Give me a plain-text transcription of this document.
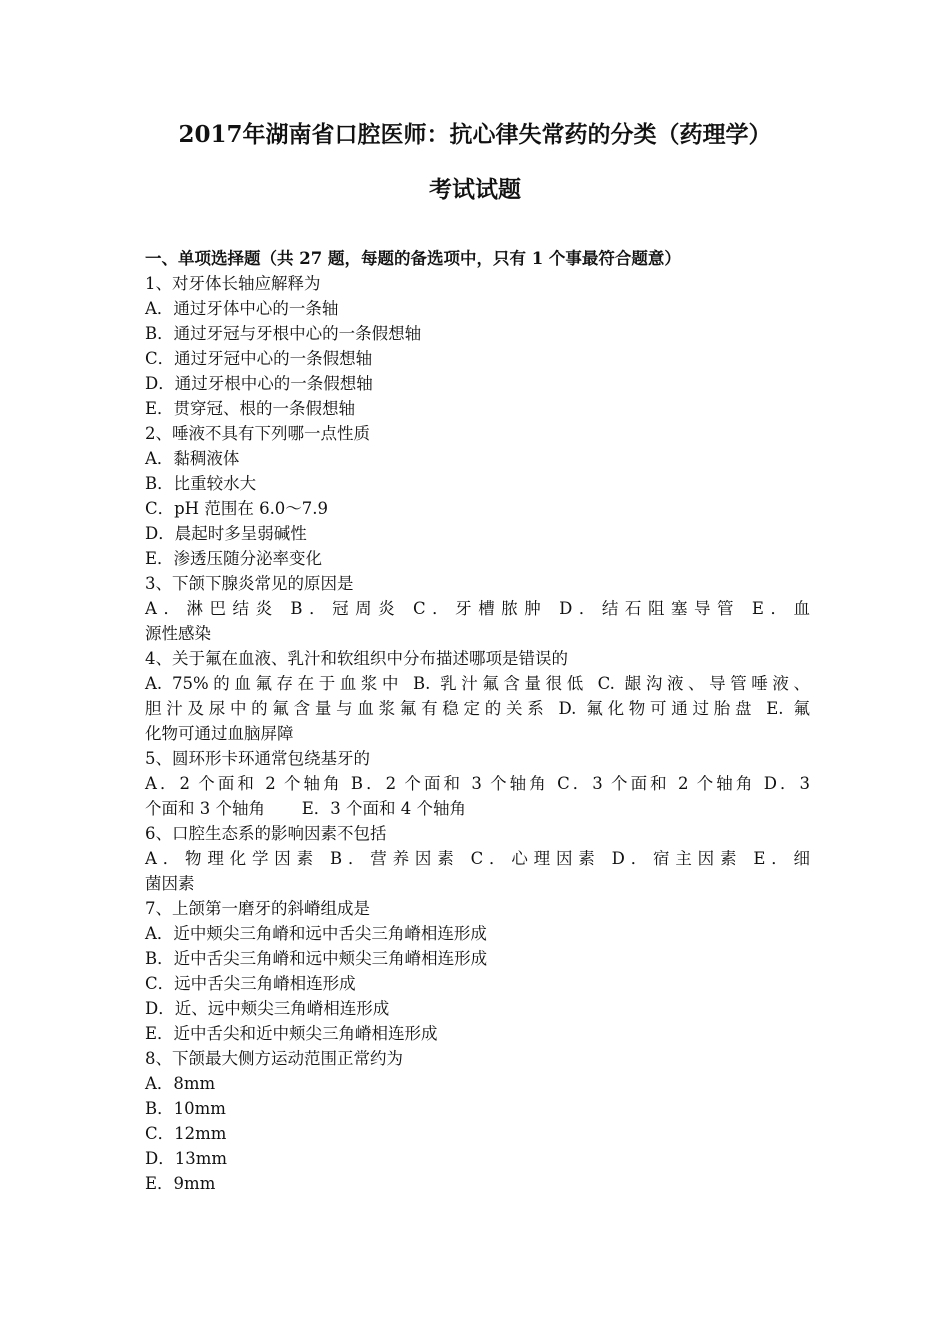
2017年湖南省口腔医师：抗心律失常药的分类（药理学）
考试试题
一、单项选择题（共 27 题，每题的备选项中，只有 1 个事最符合题意）
1、对牙体长轴应解释为
A．通过牙体中心的一条轴
B．通过牙冠与牙根中心的一条假想轴
C．通过牙冠中心的一条假想轴
D．通过牙根中心的一条假想轴
E．贯穿冠、根的一条假想轴
2、唾液不具有下列哪一点性质
A．黏稠液体
B．比重较水大
C．pH 范围在 6.0～7.9
D．晨起时多呈弱碱性
E．渗透压随分泌率变化
3、下颌下腺炎常见的原因是
A．淋巴结炎 B．冠周炎 C．牙槽脓肿 D．结石阻塞导管 E．血
源性感染
4、关于氟在血液、乳汁和软组织中分布描述哪项是错误的
A. 75%的血氟存在于血浆中 B. 乳汁氟含量很低 C. 龈沟液、导管唾液、
胆汁及尿中的氟含量与血浆氟有稳定的关系 D. 氟化物可通过胎盘 E. 氟
化物可通过血脑屏障
5、圆环形卡环通常包绕基牙的
A．2 个面和 2 个轴角 B．2 个面和 3 个轴角 C．3 个面和 2 个轴角 D．3
个面和 3 个轴角 E．3 个面和 4 个轴角
6、口腔生态系的影响因素不包括
A．物理化学因素 B．营养因素 C．心理因素 D．宿主因素 E．细
菌因素
7、上颌第一磨牙的斜嵴组成是
A．近中颊尖三角嵴和远中舌尖三角嵴相连形成
B．近中舌尖三角嵴和远中颊尖三角嵴相连形成
C．远中舌尖三角嵴相连形成
D．近、远中颊尖三角嵴相连形成
E．近中舌尖和近中颊尖三角嵴相连形成
8、下颌最大侧方运动范围正常约为
A．8mm
B．10mm
C．12mm
D．13mm
E．9mm
